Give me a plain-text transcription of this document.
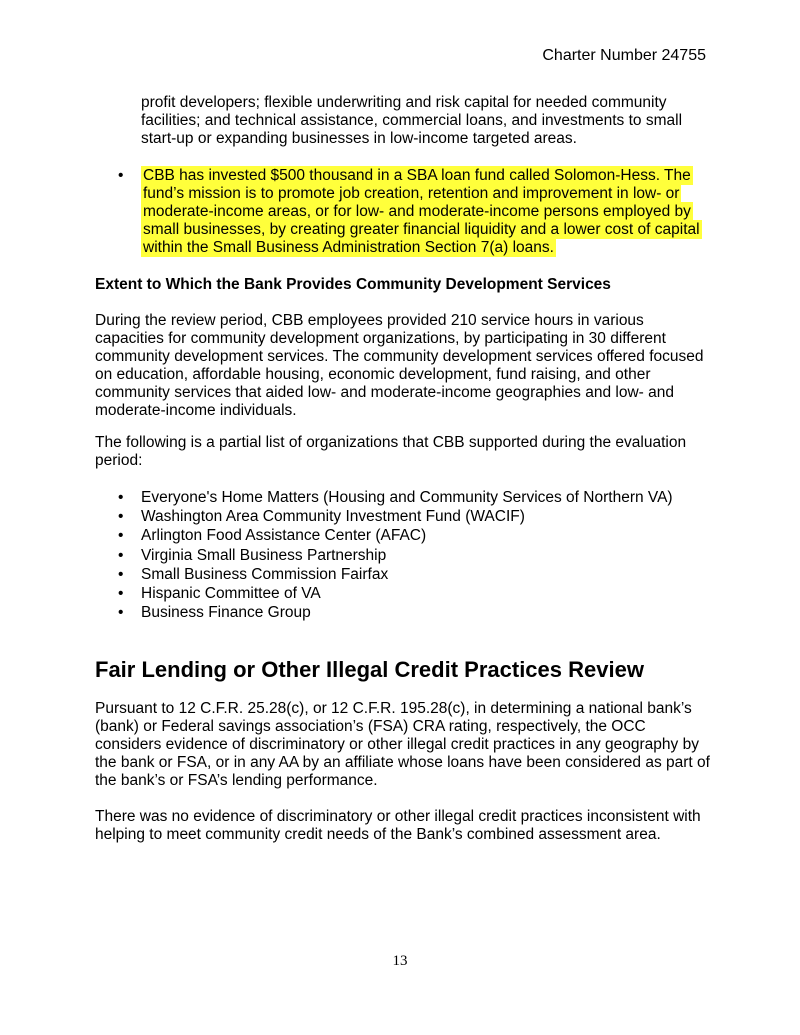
Charter Number 24755
profit developers; flexible underwriting and risk capital for needed community facilities; and technical assistance, commercial loans, and investments to small start-up or expanding businesses in low-income targeted areas.
• CBB has invested $500 thousand in a SBA loan fund called Solomon-Hess. The fund’s mission is to promote job creation, retention and improvement in low- or moderate-income areas, or for low- and moderate-income persons employed by small businesses, by creating greater financial liquidity and a lower cost of capital within the Small Business Administration Section 7(a) loans.
Extent to Which the Bank Provides Community Development Services
During the review period, CBB employees provided 210 service hours in various capacities for community development organizations, by participating in 30 different community development services. The community development services offered focused on education, affordable housing, economic development, fund raising, and other community services that aided low- and moderate-income geographies and low- and moderate-income individuals.
The following is a partial list of organizations that CBB supported during the evaluation period:
• Everyone's Home Matters (Housing and Community Services of Northern VA)
• Washington Area Community Investment Fund (WACIF)
• Arlington Food Assistance Center (AFAC)
• Virginia Small Business Partnership
• Small Business Commission Fairfax
• Hispanic Committee of VA
• Business Finance Group
Fair Lending or Other Illegal Credit Practices Review
Pursuant to 12 C.F.R. 25.28(c), or 12 C.F.R. 195.28(c), in determining a national bank’s (bank) or Federal savings association’s (FSA) CRA rating, respectively, the OCC considers evidence of discriminatory or other illegal credit practices in any geography by the bank or FSA, or in any AA by an affiliate whose loans have been considered as part of the bank’s or FSA’s lending performance.
There was no evidence of discriminatory or other illegal credit practices inconsistent with helping to meet community credit needs of the Bank’s combined assessment area.
13
